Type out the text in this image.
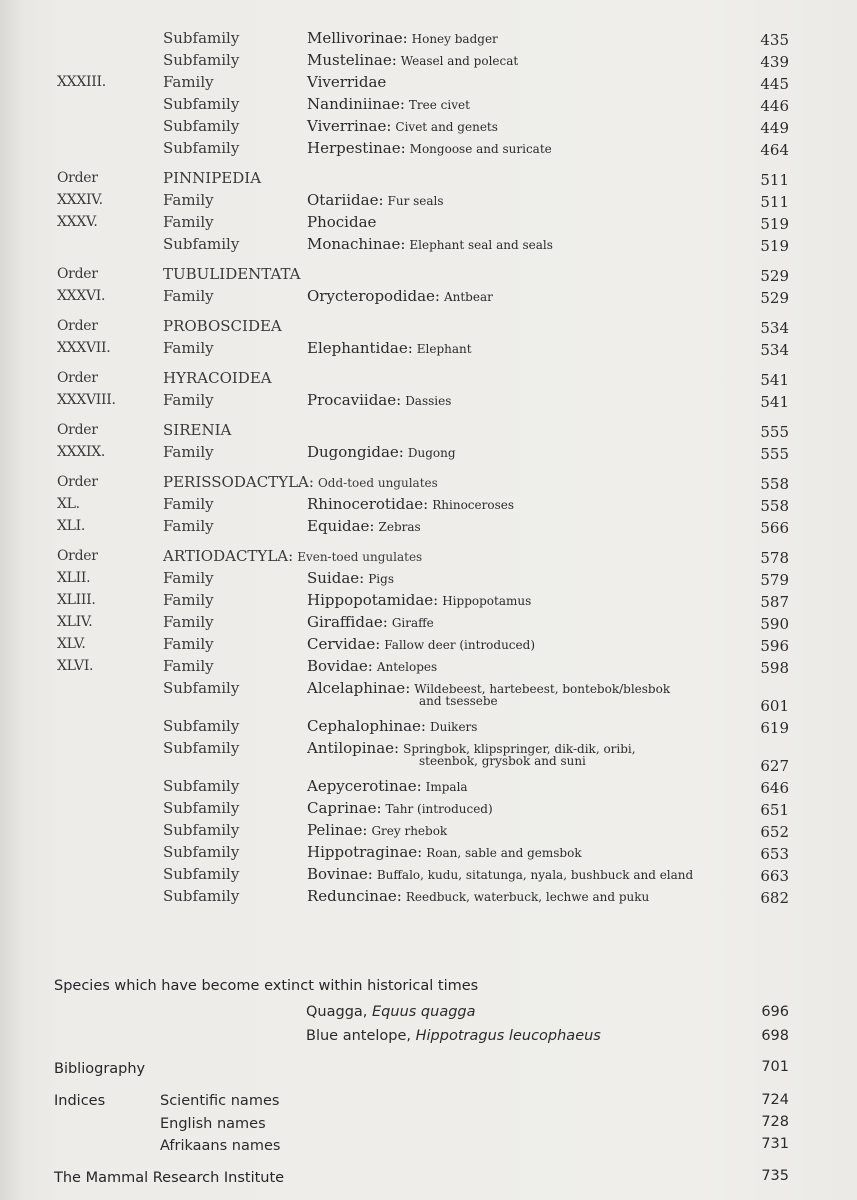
Subfamily	Mellivorinae: Honey badger	435
Subfamily	Mustelinae: Weasel and polecat	439
XXXIII.	Family	Viverridae	445
Subfamily	Nandiniinae: Tree civet	446
Subfamily	Viverrinae: Civet and genets	449
Subfamily	Herpestinae: Mongoose and suricate	464
Order	PINNIPEDIA	511
XXXIV.	Family	Otariidae: Fur seals	511
XXXV.	Family	Phocidae	519
Subfamily	Monachinae: Elephant seal and seals	519
Order	TUBULIDENTATA	529
XXXVI.	Family	Orycteropodidae: Antbear	529
Order	PROBOSCIDEA	534
XXXVII.	Family	Elephantidae: Elephant	534
Order	HYRACOIDEA	541
XXXVIII.	Family	Procaviidae: Dassies	541
Order	SIRENIA	555
XXXIX.	Family	Dugongidae: Dugong	555
Order	PERISSODACTYLA: Odd-toed ungulates	558
XL.	Family	Rhinocerotidae: Rhinoceroses	558
XLI.	Family	Equidae: Zebras	566
Order	ARTIODACTYLA: Even-toed ungulates	578
XLII.	Family	Suidae: Pigs	579
XLIII.	Family	Hippopotamidae: Hippopotamus	587
XLIV.	Family	Giraffidae: Giraffe	590
XLV.	Family	Cervidae: Fallow deer (introduced)	596
XLVI.	Family	Bovidae: Antelopes	598
Subfamily	Alcelaphinae: Wildebeest, hartebeest, bontebok/blesbok
and tsessebe	601
Subfamily	Cephalophinae: Duikers	619
Subfamily	Antilopinae: Springbok, klipspringer, dik-dik, oribi,
steenbok, grysbok and suni	627
Subfamily	Aepycerotinae: Impala	646
Subfamily	Caprinae: Tahr (introduced)	651
Subfamily	Pelinae: Grey rhebok	652
Subfamily	Hippotraginae: Roan, sable and gemsbok	653
Subfamily	Bovinae: Buffalo, kudu, sitatunga, nyala, bushbuck and eland	663
Subfamily	Reduncinae: Reedbuck, waterbuck, lechwe and puku	682
Species which have become extinct within historical times
Quagga, Equus quagga	696
Blue antelope, Hippotragus leucophaeus	698
Bibliography	701
Indices	Scientific names	724
English names	728
Afrikaans names	731
The Mammal Research Institute	735
